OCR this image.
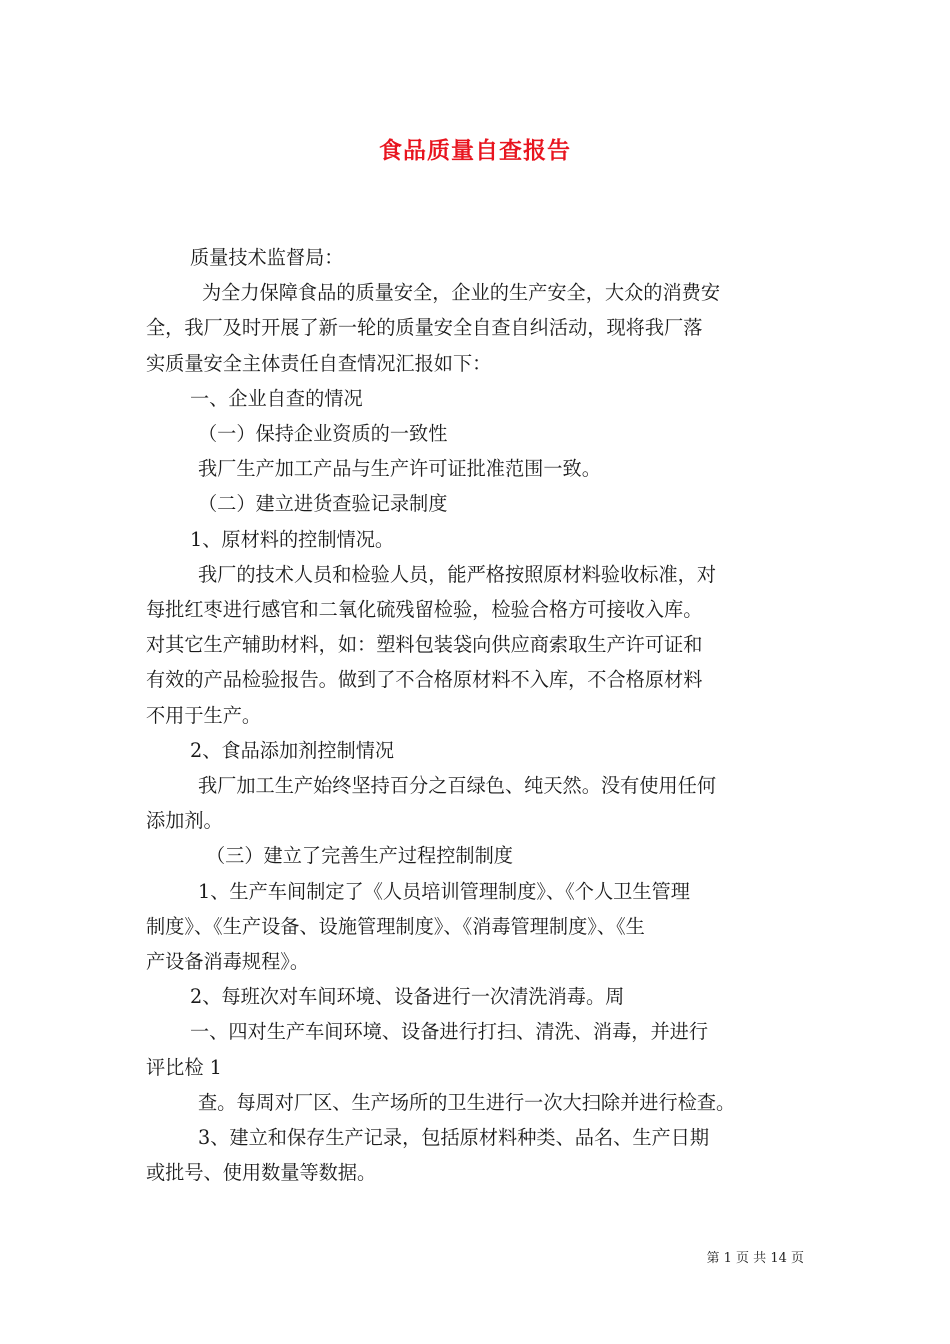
食品质量自查报告

质量技术监督局：

为全力保障食品的质量安全，企业的生产安全，大众的消费安

全，我厂及时开展了新一轮的质量安全自查自纠活动，现将我厂落

实质量安全主体责任自查情况汇报如下：

一、企业自查的情况

（一）保持企业资质的一致性

我厂生产加工产品与生产许可证批准范围一致。

（二）建立进货查验记录制度

1、原材料的控制情况。

我厂的技术人员和检验人员，能严格按照原材料验收标准，对

每批红枣进行感官和二氧化硫残留检验，检验合格方可接收入库。

对其它生产辅助材料，如：塑料包装袋向供应商索取生产许可证和

有效的产品检验报告。做到了不合格原材料不入库，不合格原材料

不用于生产。

2、食品添加剂控制情况

我厂加工生产始终坚持百分之百绿色、纯天然。没有使用任何

添加剂。

（三）建立了完善生产过程控制制度

1、生产车间制定了《人员培训管理制度》、《个人卫生管理

制度》、《生产设备、设施管理制度》、《消毒管理制度》、《生

产设备消毒规程》。

2、每班次对车间环境、设备进行一次清洗消毒。周

一、四对生产车间环境、设备进行打扫、清洗、消毒，并进行

评比检 1

查。每周对厂区、生产场所的卫生进行一次大扫除并进行检查。

3、建立和保存生产记录，包括原材料种类、品名、生产日期

或批号、使用数量等数据。

第 1 页 共 14 页
